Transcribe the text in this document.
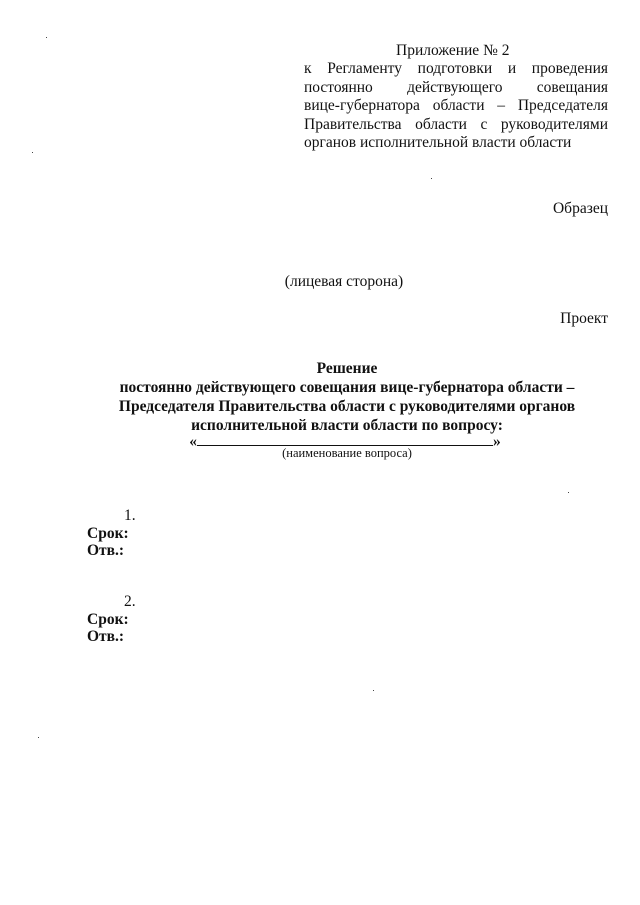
Приложение № 2
к Регламенту подготовки и проведения
постоянно действующего совещания
вице-губернатора области – Председателя
Правительства области с руководителями
органов исполнительной власти области
Образец
(лицевая сторона)
Проект
Решение
постоянно действующего совещания вице-губернатора области –
Председателя Правительства области с руководителями органов
исполнительной власти области по вопросу:
«	»
(наименование вопроса)
1.
Срок:
Отв.:
2.
Срок:
Отв.:
